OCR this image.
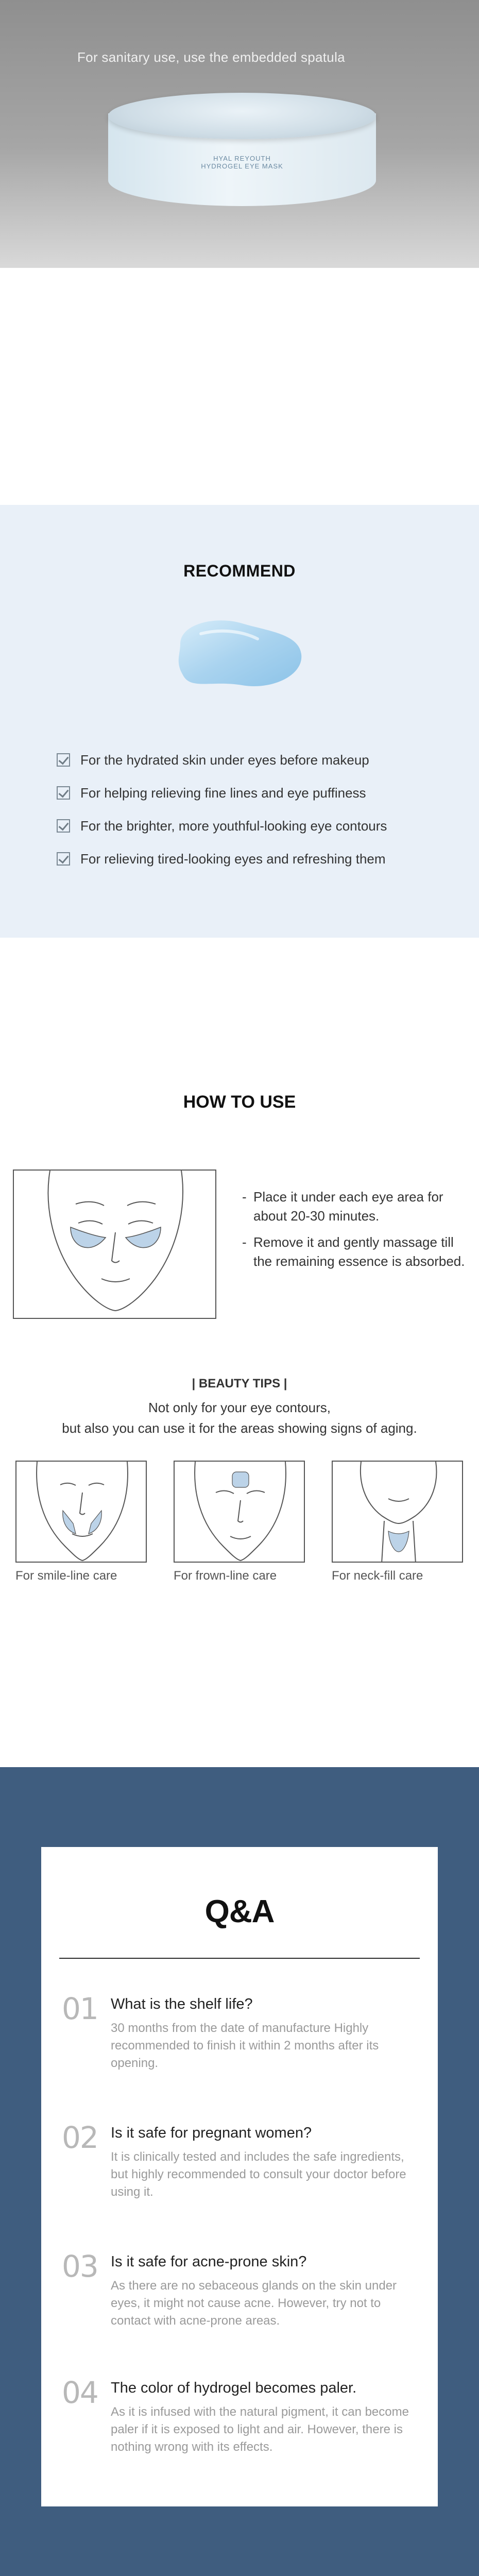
For sanitary use, use the embedded spatula
HYAL REYOUTH HYDROGEL EYE MASK
RECOMMEND
For the hydrated skin under eyes before makeup
For helping relieving fine lines and eye puffiness
For the brighter, more youthful-looking eye contours
For relieving tired-looking eyes and refreshing them
HOW TO USE
- Place it under each eye area for about 20-30 minutes.
- Remove it and gently massage till the remaining essence is absorbed.
| BEAUTY TIPS |
Not only for your eye contours,
but also you can use it for the areas showing signs of aging.
For smile-line care	For frown-line care	For neck-fill care
Q&A
01 What is the shelf life?
30 months from the date of manufacture Highly recommended to finish it within 2 months after its opening.
02 Is it safe for pregnant women?
It is clinically tested and includes the safe ingredients, but highly recommended to consult your doctor before using it.
03 Is it safe for acne-prone skin?
As there are no sebaceous glands on the skin under eyes, it might not cause acne. However, try not to contact with acne-prone areas.
04 The color of hydrogel becomes paler.
As it is infused with the natural pigment, it can become paler if it is exposed to light and air. However, there is nothing wrong with its effects.
